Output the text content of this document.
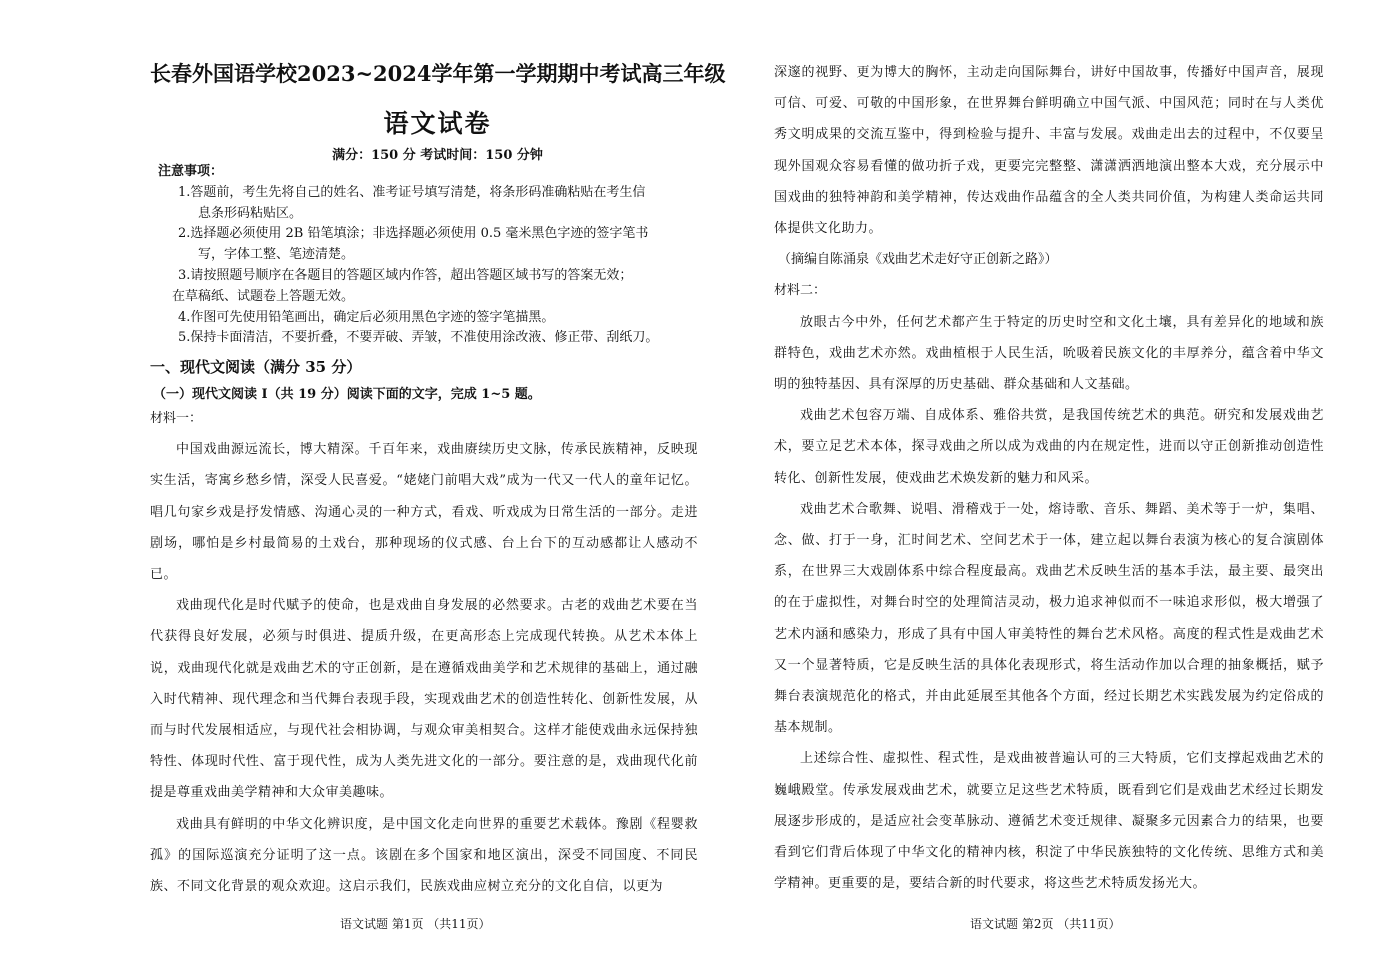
长春外国语学校2023~2024学年第一学期期中考试高三年级
语文试卷
满分：150 分 考试时间：150 分钟
注意事项：
1.答题前，考生先将自己的姓名、准考证号填写清楚，将条形码准确粘贴在考生信
息条形码粘贴区。
2.选择题必须使用 2B 铅笔填涂；非选择题必须使用 0.5 毫米黑色字迹的签字笔书
写，字体工整、笔迹清楚。
3.请按照题号顺序在各题目的答题区域内作答，超出答题区域书写的答案无效；
在草稿纸、试题卷上答题无效。
4.作图可先使用铅笔画出，确定后必须用黑色字迹的签字笔描黑。
5.保持卡面清洁，不要折叠，不要弄破、弄皱，不准使用涂改液、修正带、刮纸刀。
一、现代文阅读（满分 35 分）
（一）现代文阅读 I（共 19 分）阅读下面的文字，完成 1~5 题。

材料一：

中国戏曲源远流长，博大精深。千百年来，戏曲赓续历史文脉，传承民族精神，反映现实生活，寄寓乡愁乡情，深受人民喜爱。“姥姥门前唱大戏”成为一代又一代人的童年记忆。唱几句家乡戏是抒发情感、沟通心灵的一种方式，看戏、听戏成为日常生活的一部分。走进剧场，哪怕是乡村最简易的土戏台，那种现场的仪式感、台上台下的互动感都让人感动不已。

戏曲现代化是时代赋予的使命，也是戏曲自身发展的必然要求。古老的戏曲艺术要在当代获得良好发展，必须与时俱进、提质升级，在更高形态上完成现代转换。从艺术本体上说，戏曲现代化就是戏曲艺术的守正创新，是在遵循戏曲美学和艺术规律的基础上，通过融入时代精神、现代理念和当代舞台表现手段，实现戏曲艺术的创造性转化、创新性发展，从而与时代发展相适应，与现代社会相协调，与观众审美相契合。这样才能使戏曲永远保持独特性、体现时代性、富于现代性，成为人类先进文化的一部分。要注意的是，戏曲现代化前提是尊重戏曲美学精神和大众审美趣味。

戏曲具有鲜明的中华文化辨识度，是中国文化走向世界的重要艺术载体。豫剧《程婴救孤》的国际巡演充分证明了这一点。该剧在多个国家和地区演出，深受不同国度、不同民族、不同文化背景的观众欢迎。这启示我们，民族戏曲应树立充分的文化自信，以更为

语文试题 第1页 （共11页）

深邃的视野、更为博大的胸怀，主动走向国际舞台，讲好中国故事，传播好中国声音，展现可信、可爱、可敬的中国形象，在世界舞台鲜明确立中国气派、中国风范；同时在与人类优秀文明成果的交流互鉴中，得到检验与提升、丰富与发展。戏曲走出去的过程中，不仅要呈现外国观众容易看懂的做功折子戏，更要完完整整、潇潇洒洒地演出整本大戏，充分展示中国戏曲的独特神韵和美学精神，传达戏曲作品蕴含的全人类共同价值，为构建人类命运共同体提供文化助力。

（摘编自陈涌泉《戏曲艺术走好守正创新之路》）

材料二：

放眼古今中外，任何艺术都产生于特定的历史时空和文化土壤，具有差异化的地域和族群特色，戏曲艺术亦然。戏曲植根于人民生活，吮吸着民族文化的丰厚养分，蕴含着中华文明的独特基因、具有深厚的历史基础、群众基础和人文基础。

戏曲艺术包容万端、自成体系、雅俗共赏，是我国传统艺术的典范。研究和发展戏曲艺术，要立足艺术本体，探寻戏曲之所以成为戏曲的内在规定性，进而以守正创新推动创造性转化、创新性发展，使戏曲艺术焕发新的魅力和风采。

戏曲艺术合歌舞、说唱、滑稽戏于一处，熔诗歌、音乐、舞蹈、美术等于一炉，集唱、念、做、打于一身，汇时间艺术、空间艺术于一体，建立起以舞台表演为核心的复合演剧体系，在世界三大戏剧体系中综合程度最高。戏曲艺术反映生活的基本手法，最主要、最突出的在于虚拟性，对舞台时空的处理简洁灵动，极力追求神似而不一味追求形似，极大增强了艺术内涵和感染力，形成了具有中国人审美特性的舞台艺术风格。高度的程式性是戏曲艺术又一个显著特质，它是反映生活的具体化表现形式，将生活动作加以合理的抽象概括，赋予舞台表演规范化的格式，并由此延展至其他各个方面，经过长期艺术实践发展为约定俗成的基本规制。

上述综合性、虚拟性、程式性，是戏曲被普遍认可的三大特质，它们支撑起戏曲艺术的巍峨殿堂。传承发展戏曲艺术，就要立足这些艺术特质，既看到它们是戏曲艺术经过长期发展逐步形成的，是适应社会变革脉动、遵循艺术变迁规律、凝聚多元因素合力的结果，也要看到它们背后体现了中华文化的精神内核，积淀了中华民族独特的文化传统、思维方式和美学精神。更重要的是，要结合新的时代要求，将这些艺术特质发扬光大。

语文试题 第2页 （共11页）
